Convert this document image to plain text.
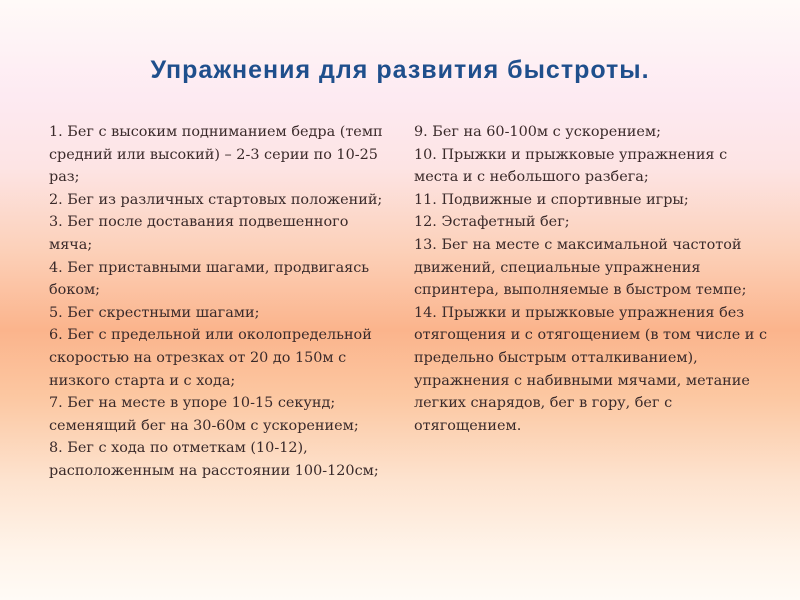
Упражнения для развития быстроты.
1. Бег с высоким подниманием бедра (темп средний или высокий) – 2-3 серии по 10-25 раз;
2. Бег из различных стартовых положений;
3. Бег после доставания подвешенного мяча;
4. Бег приставными шагами, продвигаясь боком;
5. Бег скрестными шагами;
6. Бег с предельной или околопредельной скоростью на отрезках от 20 до 150м с низкого старта и с хода;
7. Бег на месте в упоре 10-15 секунд; семенящий бег на 30-60м с ускорением;
8. Бег с хода по отметкам (10-12), расположенным на расстоянии 100-120см;
9. Бег на 60-100м с ускорением;
10. Прыжки и прыжковые упражнения с места и с небольшого разбега;
11. Подвижные и спортивные игры;
12. Эстафетный бег;
13. Бег на месте с максимальной частотой движений, специальные упражнения спринтера, выполняемые в быстром темпе;
14. Прыжки и прыжковые упражнения без отягощения и с отягощением (в том числе и с предельно быстрым отталкиванием), упражнения с набивными мячами, метание легких снарядов, бег в гору, бег с отягощением.
